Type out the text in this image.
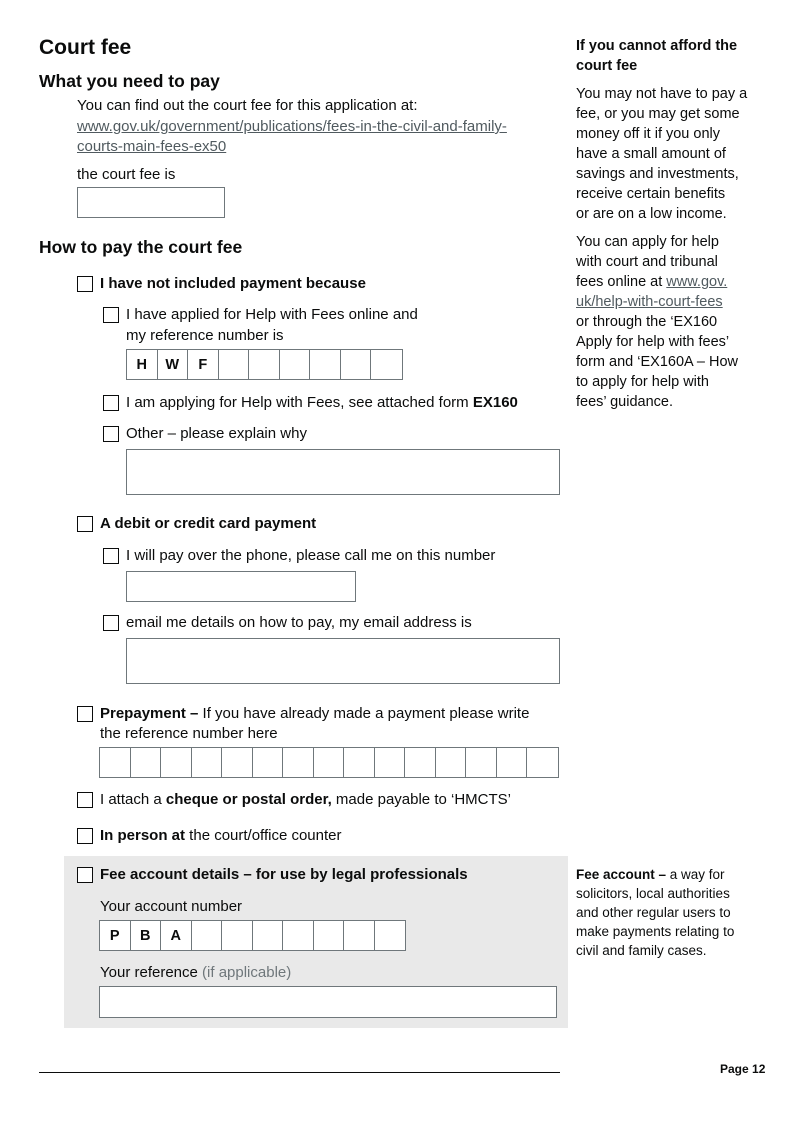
Court fee
What you need to pay
You can find out the court fee for this application at:
www.gov.uk/government/publications/fees-in-the-civil-and-family-
courts-main-fees-ex50
the court fee is
How to pay the court fee
I have not included payment because
I have applied for Help with Fees online and
my reference number is
H	W	F
I am applying for Help with Fees, see attached form EX160
Other – please explain why
A debit or credit card payment
I will pay over the phone, please call me on this number
email me details on how to pay, my email address is
Prepayment – If you have already made a payment please write
the reference number here
I attach a cheque or postal order, made payable to ‘HMCTS’
In person at the court/office counter
Fee account details – for use by legal professionals
Your account number
P	B	A
Your reference (if applicable)
If you cannot afford the court fee
You may not have to pay a
fee, or you may get some
money off it if you only
have a small amount of
savings and investments,
receive certain benefits
or are on a low income.
You can apply for help
with court and tribunal
fees online at www.gov.
uk/help-with-court-fees
or through the ‘EX160
Apply for help with fees’
form and ‘EX160A – How
to apply for help with
fees’ guidance.
Fee account – a way for
solicitors, local authorities
and other regular users to
make payments relating to
civil and family cases.
Page 12
